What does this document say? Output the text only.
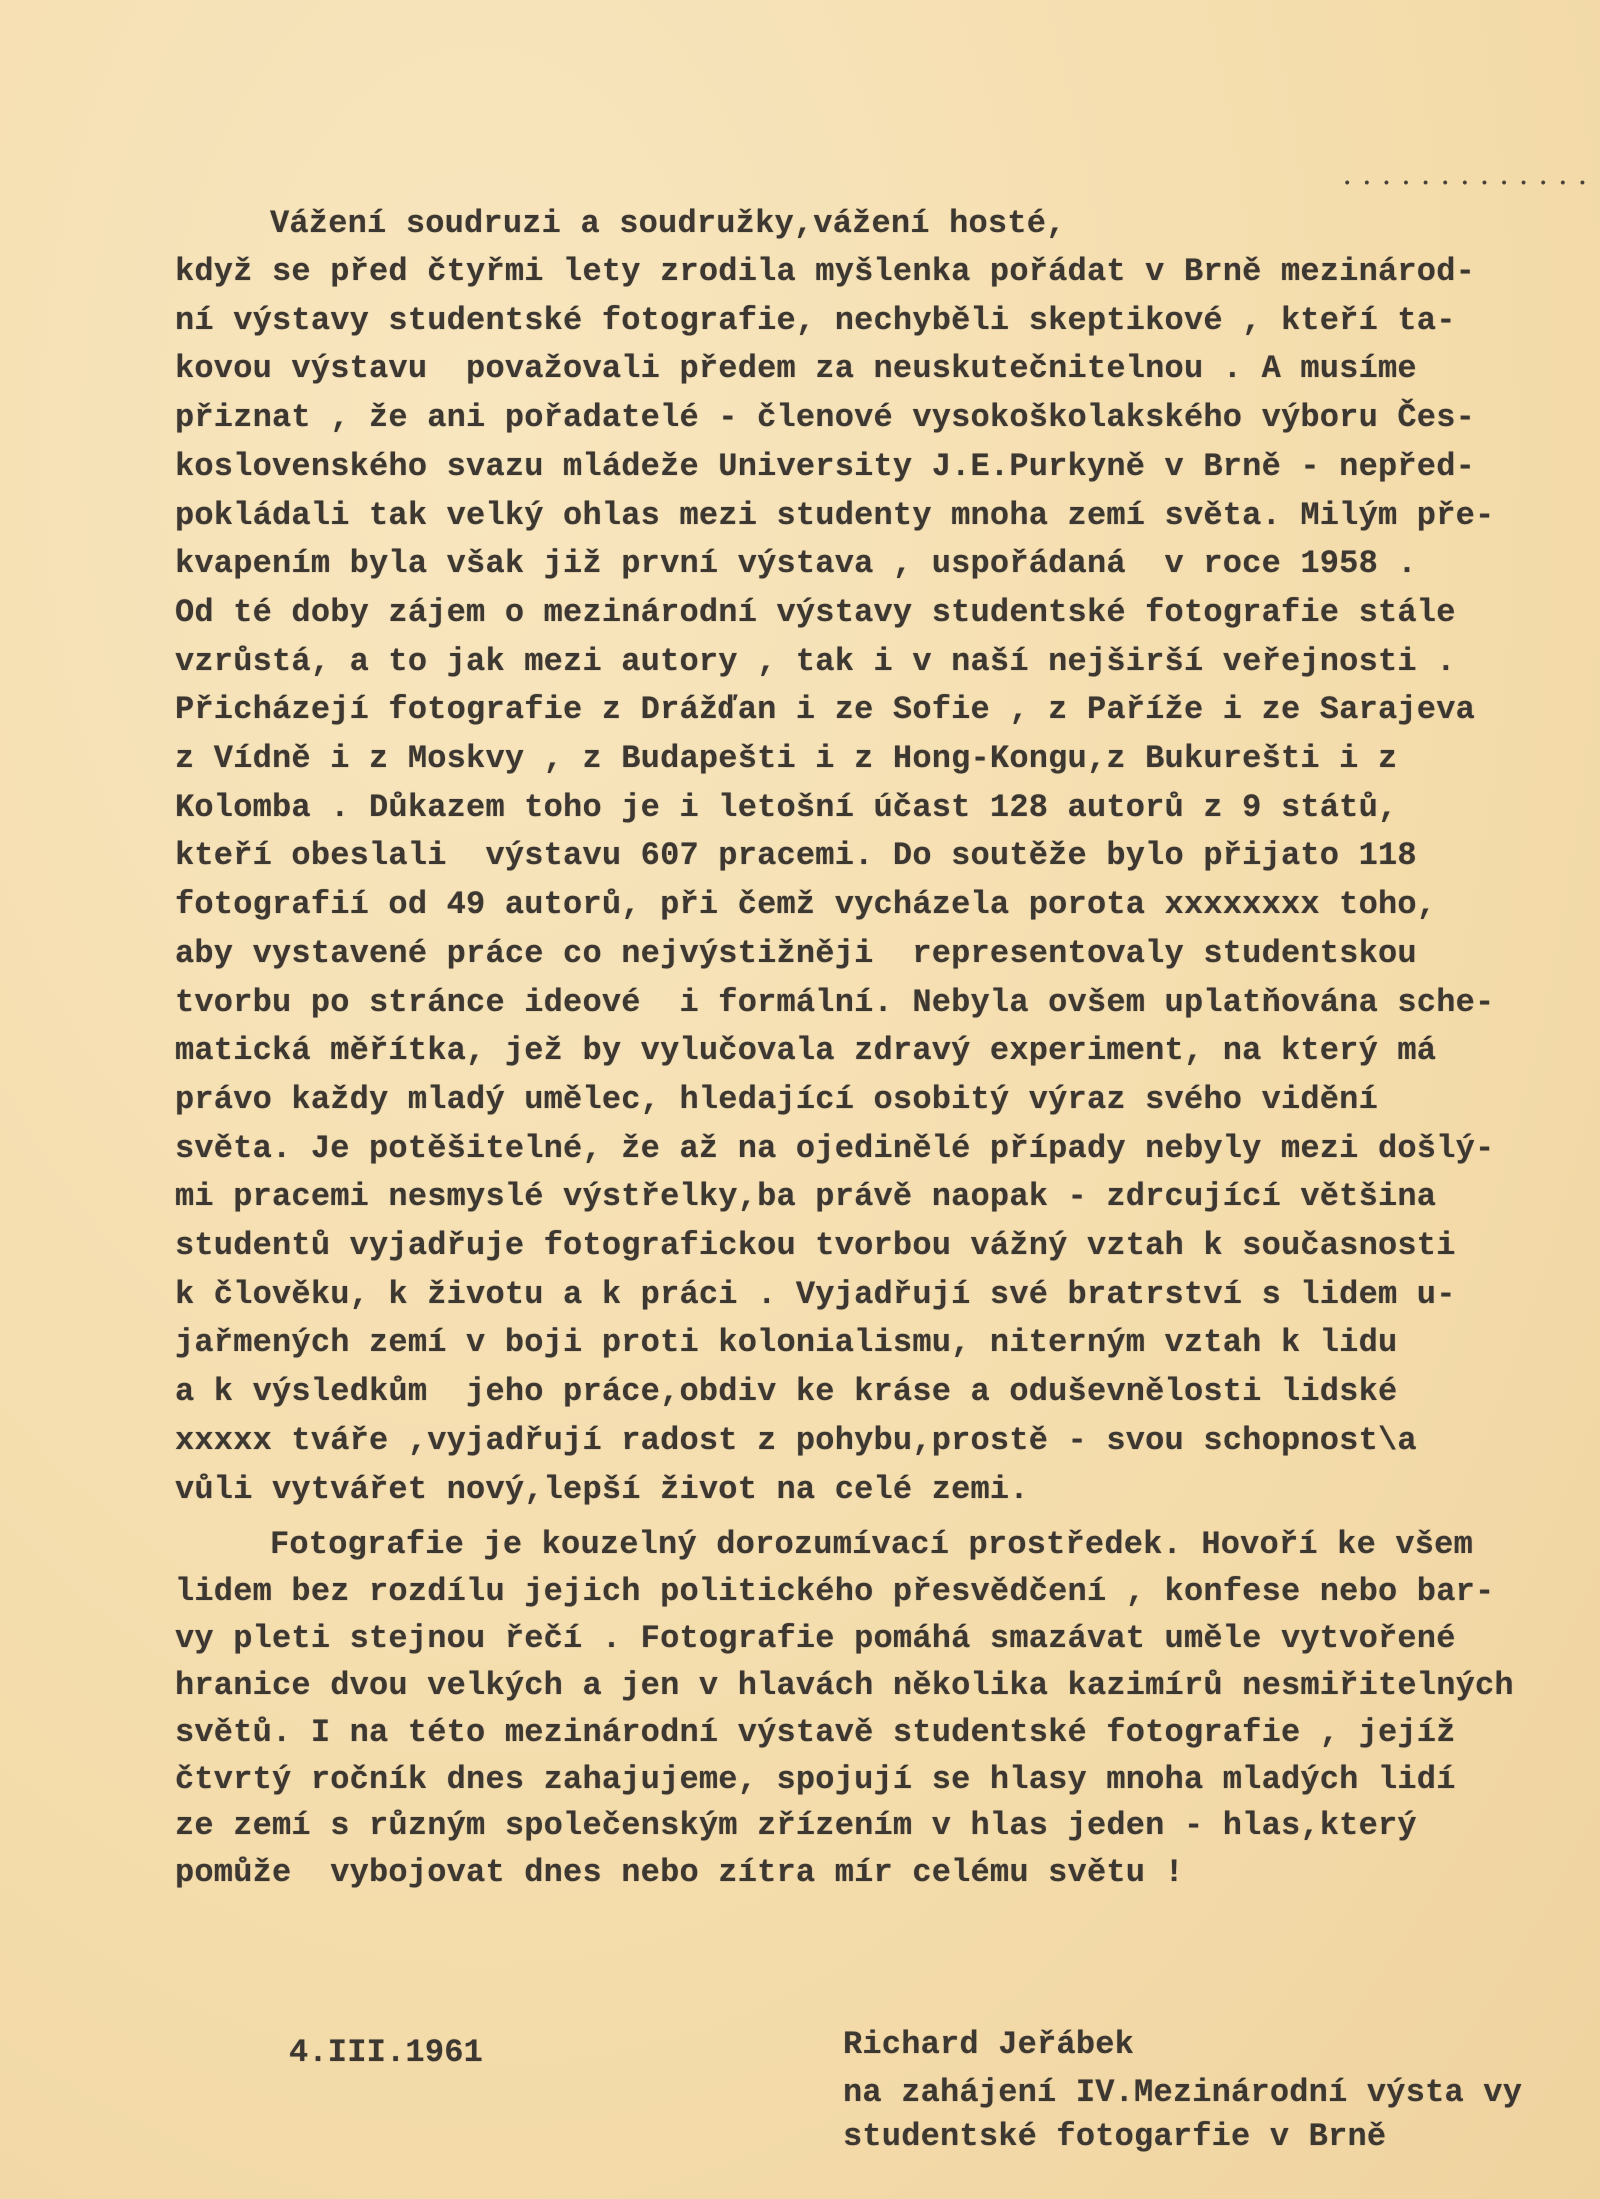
• • • • • • • • • • • • •
Vážení soudruzi a soudružky,vážení hosté,
když se před čtyřmi lety zrodila myšlenka pořádat v Brně mezinárod-
ní výstavy studentské fotografie, nechyběli skeptikové , kteří ta-
kovou výstavu  považovali předem za neuskutečnitelnou . A musíme
přiznat , že ani pořadatelé - členové vysokoškolakského výboru Čes-
koslovenského svazu mládeže University J.E.Purkyně v Brně - nepřed-
pokládali tak velký ohlas mezi studenty mnoha zemí světa. Milým pře-
kvapením byla však již první výstava , uspořádaná  v roce 1958 .
Od té doby zájem o mezinárodní výstavy studentské fotografie stále
vzrůstá, a to jak mezi autory , tak i v naší nejširší veřejnosti .
Přicházejí fotografie z Drážďan i ze Sofie , z Paříže i ze Sarajeva
z Vídně i z Moskvy , z Budapešti i z Hong-Kongu,z Bukurešti i z
Kolomba . Důkazem toho je i letošní účast 128 autorů z 9 států,
kteří obeslali  výstavu 607 pracemi. Do soutěže bylo přijato 118
fotografií od 49 autorů, při čemž vycházela porota xxxxxxxx toho,
aby vystavené práce co nejvýstižněji  representovaly studentskou
tvorbu po stránce ideové  i formální. Nebyla ovšem uplatňována sche-
matická měřítka, jež by vylučovala zdravý experiment, na který má
právo každy mladý umělec, hledající osobitý výraz svého vidění
světa. Je potěšitelné, že až na ojedinělé případy nebyly mezi došlý-
mi pracemi nesmyslé výstřelky,ba právě naopak - zdrcující většina
studentů vyjadřuje fotografickou tvorbou vážný vztah k současnosti
k člověku, k životu a k práci . Vyjadřují své bratrství s lidem u-
jařmených zemí v boji proti kolonialismu, niterným vztah k lidu
a k výsledkům  jeho práce,obdiv ke kráse a oduševnělosti lidské
xxxxx tváře ,vyjadřují radost z pohybu,prostě - svou schopnost\a
vůli vytvářet nový,lepší život na celé zemi.
Fotografie je kouzelný dorozumívací prostředek. Hovoří ke všem
lidem bez rozdílu jejich politického přesvědčení , konfese nebo bar-
vy pleti stejnou řečí . Fotografie pomáhá smazávat uměle vytvořené
hranice dvou velkých a jen v hlavách několika kazimírů nesmiřitelných
světů. I na této mezinárodní výstavě studentské fotografie , jejíž
čtvrtý ročník dnes zahajujeme, spojují se hlasy mnoha mladých lidí
ze zemí s různým společenským zřízením v hlas jeden - hlas,který
pomůže  vybojovat dnes nebo zítra mír celému světu !
4.III.1961	Richard Jeřábek
na zahájení IV.Mezinárodní výsta vy
studentské fotogarfie v Brně
